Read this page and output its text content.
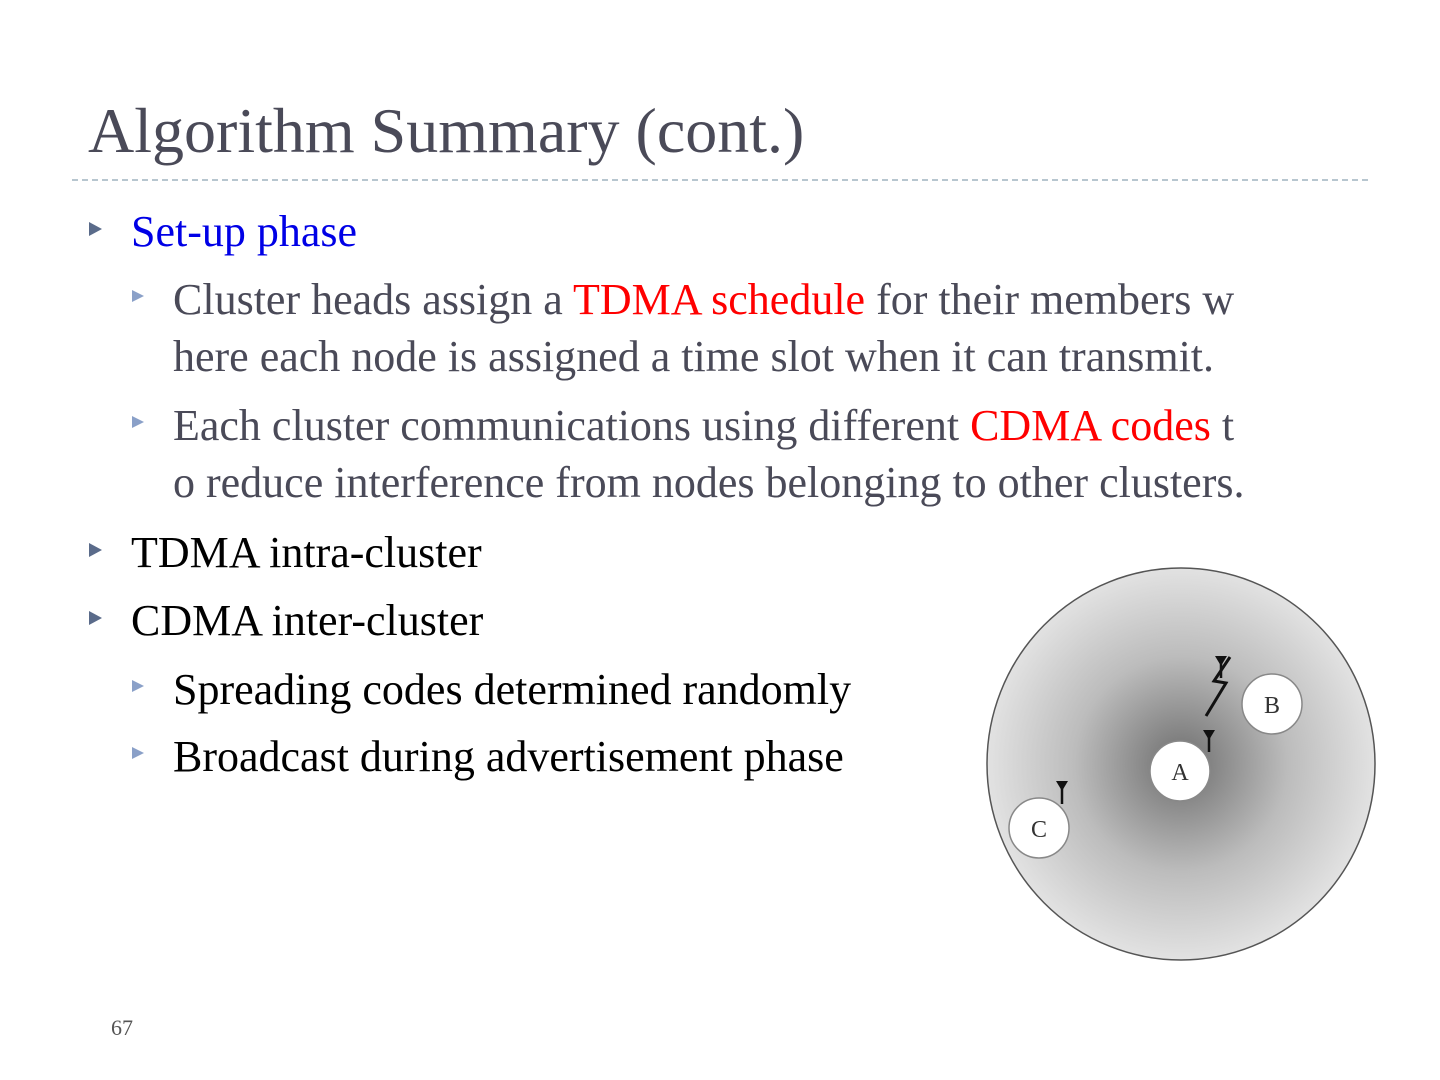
Algorithm Summary (cont.)
Set-up phase
Cluster heads assign a TDMA schedule for their members w
here each node is assigned a time slot when it can transmit.
Each cluster communications using different CDMA codes t
o reduce interference from nodes belonging to other clusters.
TDMA intra-cluster
CDMA inter-cluster
Spreading codes determined randomly
Broadcast during advertisement phase
B
A
C
67
